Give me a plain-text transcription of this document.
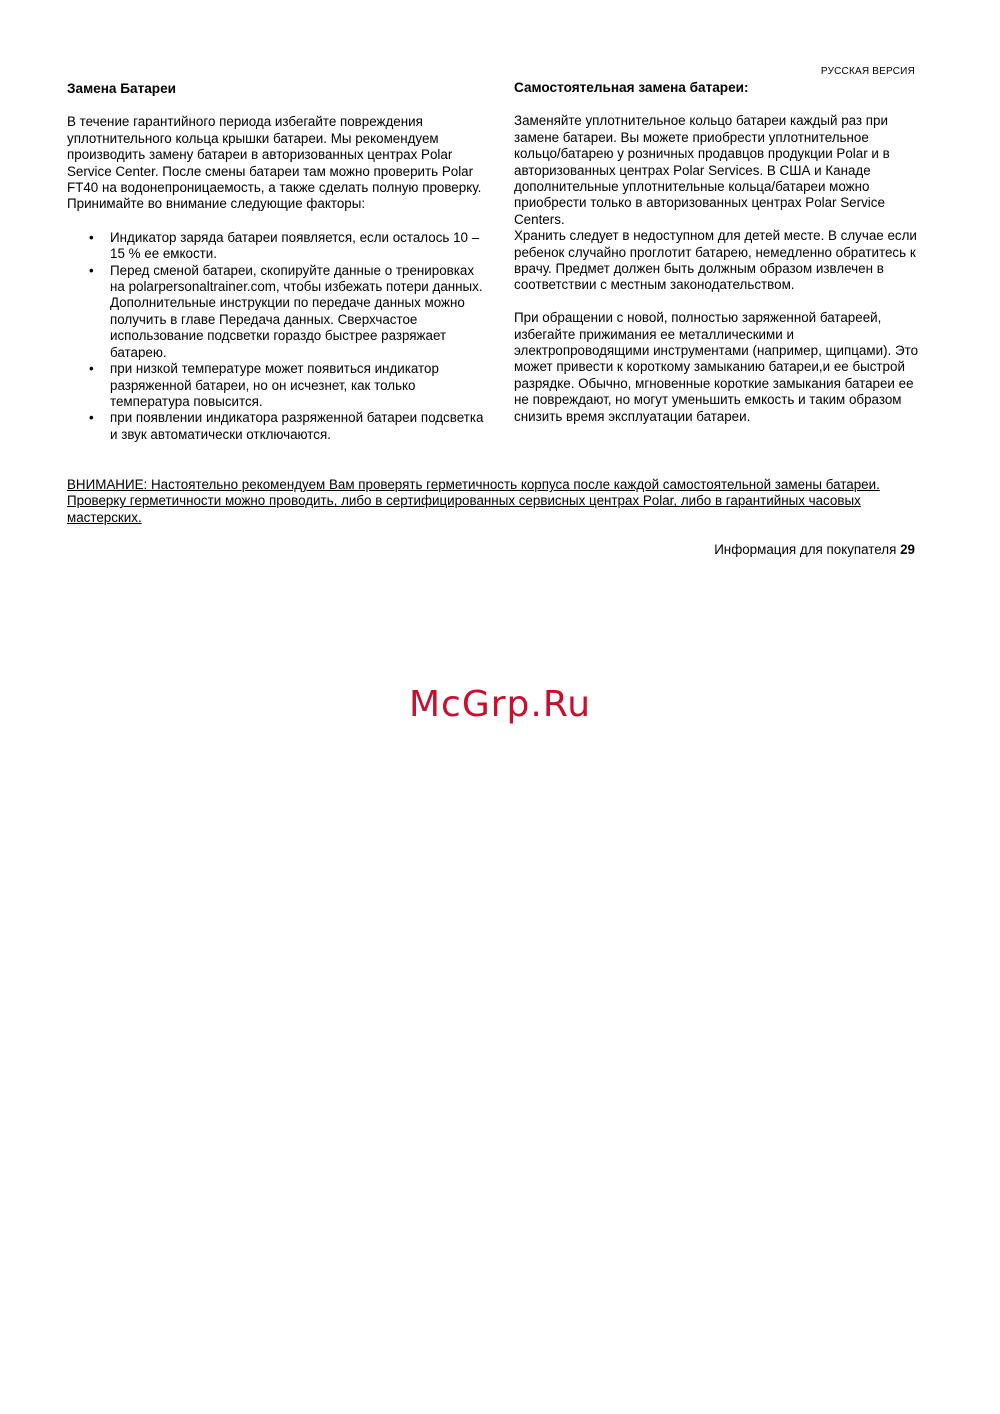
РУССКАЯ ВЕРСИЯ
Замена Батареи

В течение гарантийного периода избегайте повреждения уплотнительного кольца крышки батареи. Мы рекомендуем производить замену батареи в авторизованных центрах Polar Service Center. После смены батареи там можно проверить Polar FT40 на водонепроницаемость, а также сделать полную проверку.

Принимайте во внимание следующие факторы:

• Индикатор заряда батареи появляется, если осталось 10 – 15 % ее емкости.
• Перед сменой батареи, скопируйте данные о тренировках на polarpersonaltrainer.com, чтобы избежать потери данных. Дополнительные инструкции по передаче данных можно получить в главе Передача данных. Сверхчастое использование подсветки гораздо быстрее разряжает батарею.
• при низкой температуре может появиться индикатор разряженной батареи, но он исчезнет, как только температура повысится.
• при появлении индикатора разряженной батареи подсветка и звук автоматически отключаются.
Самостоятельная замена батареи:

Заменяйте уплотнительное кольцо батареи каждый раз при замене батареи. Вы можете приобрести уплотнительное кольцо/батарею у розничных продавцов продукции Polar и в авторизованных центрах Polar Services. В США и Канаде дополнительные уплотнительные кольца/батареи можно приобрести только в авторизованных центрах Polar Service Centers.

Хранить следует в недоступном для детей месте. В случае если ребенок случайно проглотит батарею, немедленно обратитесь к врачу. Предмет должен быть должным образом извлечен в соответствии с местным законодательством.

При обращении с новой, полностью заряженной батареей, избегайте прижимания ее металлическими и электропроводящими инструментами (например, щипцами). Это может привести к короткому замыканию батареи,и ее быстрой разрядке. Обычно, мгновенные короткие замыкания батареи ее не повреждают, но могут уменьшить емкость и таким образом снизить время эксплуатации батареи.

ВНИМАНИЕ: Настоятельно рекомендуем Вам проверять герметичность корпуса после каждой самостоятельной замены батареи. Проверку герметичности можно проводить, либо в сертифицированных сервисных центрах Polar, либо в гарантийных часовых мастерских.
Информация для покупателя 29
McGrp.Ru
